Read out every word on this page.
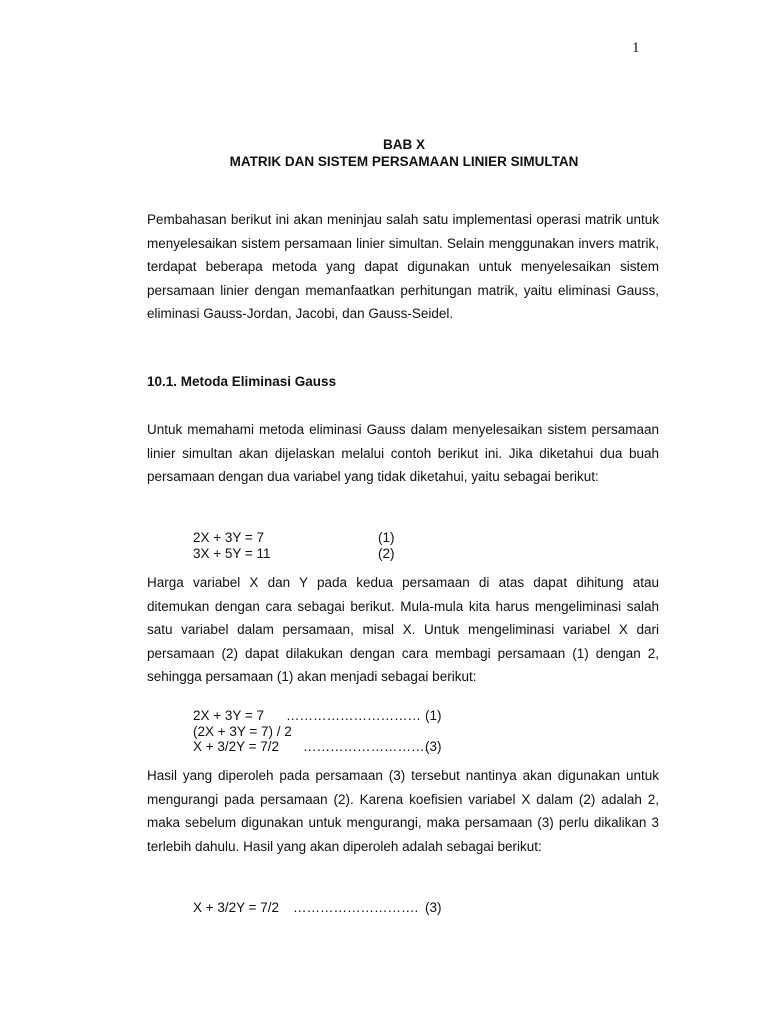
1
BAB X
MATRIK DAN SISTEM PERSAMAAN LINIER SIMULTAN

Pembahasan berikut ini akan meninjau salah satu implementasi operasi matrik untuk menyelesaikan sistem persamaan linier simultan. Selain menggunakan invers matrik, terdapat beberapa metoda yang dapat digunakan untuk menyelesaikan sistem persamaan linier dengan memanfaatkan perhitungan matrik, yaitu eliminasi Gauss, eliminasi Gauss-Jordan, Jacobi, dan Gauss-Seidel.

10.1. Metoda Eliminasi Gauss

Untuk memahami metoda eliminasi Gauss dalam menyelesaikan sistem persamaan linier simultan akan dijelaskan melalui contoh berikut ini. Jika diketahui dua buah persamaan dengan dua variabel yang tidak diketahui, yaitu sebagai berikut:

2X + 3Y = 7	(1)
3X + 5Y = 11	(2)

Harga variabel X dan Y pada kedua persamaan di atas dapat dihitung atau ditemukan dengan cara sebagai berikut. Mula-mula kita harus mengeliminasi salah satu variabel dalam persamaan, misal X. Untuk mengeliminasi variabel X dari persamaan (2) dapat dilakukan dengan cara membagi persamaan (1) dengan 2, sehingga persamaan (1) akan menjadi sebagai berikut:

2X + 3Y = 7 ………………………… (1)
(2X + 3Y = 7) / 2
X + 3/2Y = 7/2 ……………………….
(3)

Hasil yang diperoleh pada persamaan (3) tersebut nantinya akan digunakan untuk mengurangi pada persamaan (2). Karena koefisien variabel X dalam (2) adalah 2, maka sebelum digunakan untuk mengurangi, maka persamaan (3) perlu dikalikan 3 terlebih dahulu. Hasil yang akan diperoleh adalah sebagai berikut:

X + 3/2Y = 7/2 ………………………. (3)
